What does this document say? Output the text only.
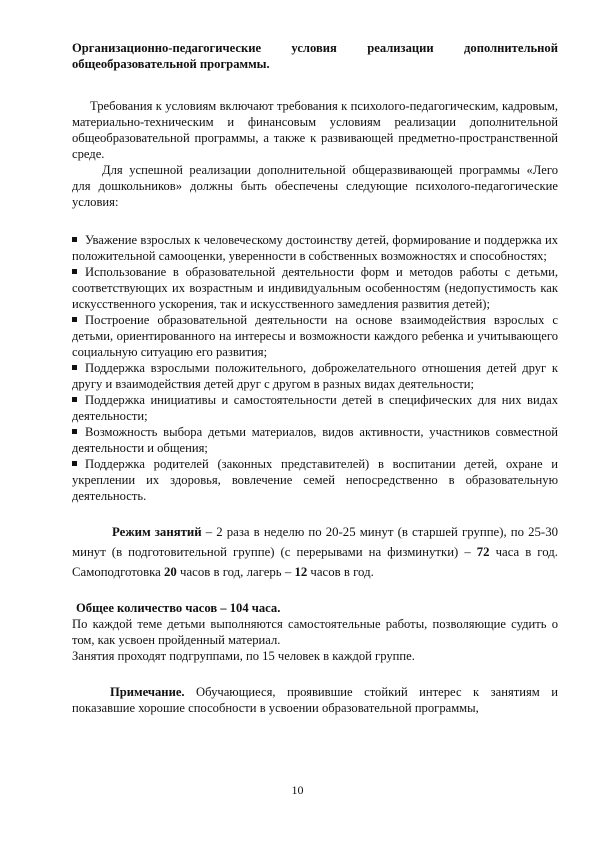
Организационно-педагогические условия реализации дополнительной общеобразовательной программы.

Требования к условиям включают требования к психолого-педагогическим, кадровым, материально-техническим и финансовым условиям реализации дополнительной общеобразовательной программы, а также к развивающей предметно-пространственной среде.

Для успешной реализации дополнительной общеразвивающей программы «Лего для дошкольников» должны быть обеспечены следующие психолого-педагогические условия:

Уважение взрослых к человеческому достоинству детей, формирование и поддержка их положительной самооценки, уверенности в собственных возможностях и способностях;

Использование в образовательной деятельности форм и методов работы с детьми, соответствующих их возрастным и индивидуальным особенностям (недопустимость как искусственного ускорения, так и искусственного замедления развития детей);

Построение образовательной деятельности на основе взаимодействия взрослых с детьми, ориентированного на интересы и возможности каждого ребенка и учитывающего социальную ситуацию его развития;

Поддержка взрослыми положительного, доброжелательного отношения детей друг к другу и взаимодействия детей друг с другом в разных видах деятельности;

Поддержка инициативы и самостоятельности детей в специфических для них видах деятельности;

Возможность выбора детьми материалов, видов активности, участников совместной деятельности и общения;

Поддержка родителей (законных представителей) в воспитании детей, охране и укреплении их здоровья, вовлечение семей непосредственно в образовательную деятельность.

Режим занятий – 2 раза в неделю по 20-25 минут (в старшей группе), по 25-30 минут (в подготовительной группе) (с перерывами на физминутки) – 72 часа в год. Самоподготовка 20 часов в год, лагерь – 12 часов в год.

Общее количество часов – 104 часа.

По каждой теме детьми выполняются самостоятельные работы, позволяющие судить о том, как усвоен пройденный материал.

Занятия проходят подгруппами, по 15 человек в каждой группе.

Примечание. Обучающиеся, проявившие стойкий интерес к занятиям и показавшие хорошие способности в усвоении образовательной программы,

10
